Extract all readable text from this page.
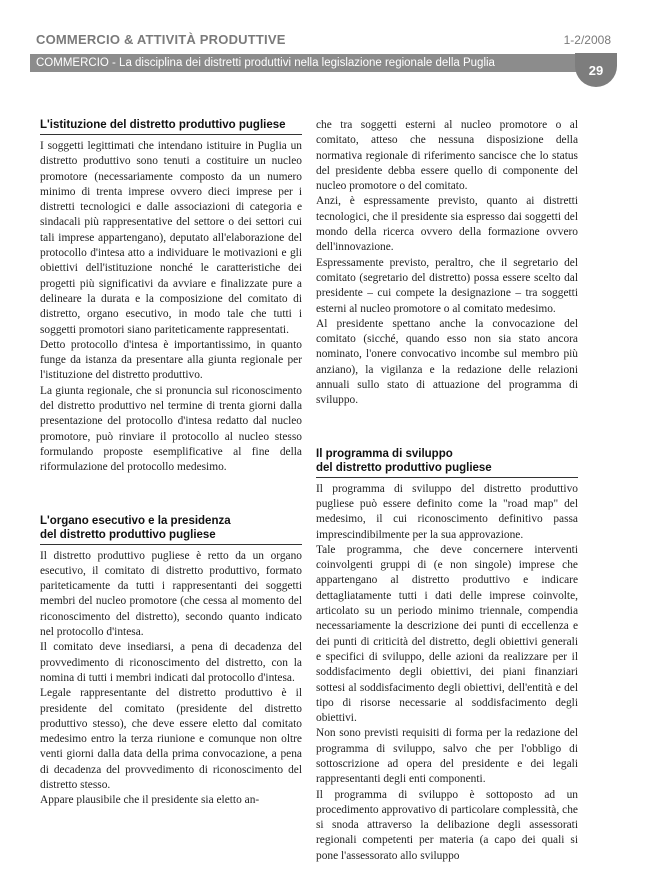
COMMERCIO & ATTIVITÀ PRODUTTIVE	1-2/2008
COMMERCIO - La disciplina dei distretti produttivi nella legislazione regionale della Puglia	29
L'istituzione del distretto produttivo pugliese

I soggetti legittimati che intendano istituire in Puglia un distretto produttivo sono tenuti a costituire un nucleo promotore (necessariamente composto da un numero minimo di trenta imprese ovvero dieci imprese per i distretti tecnologici e dalle associazioni di categoria e sindacali più rappresentative del settore o dei settori cui tali imprese appartengano), deputato all'elaborazione del protocollo d'intesa atto a individuare le motivazioni e gli obiettivi dell'istituzione nonché le caratteristiche dei progetti più significativi da avviare e finalizzate pure a delineare la durata e la composizione del comitato di distretto, organo esecutivo, in modo tale che tutti i soggetti promotori siano pariteticamente rappresentati.

Detto protocollo d'intesa è importantissimo, in quanto funge da istanza da presentare alla giunta regionale per l'istituzione del distretto produttivo.

La giunta regionale, che si pronuncia sul riconoscimento del distretto produttivo nel termine di trenta giorni dalla presentazione del protocollo d'intesa redatto dal nucleo promotore, può rinviare il protocollo al nucleo stesso formulando proposte esemplificative al fine della riformulazione del protocollo medesimo.

L'organo esecutivo e la presidenza
del distretto produttivo pugliese

Il distretto produttivo pugliese è retto da un organo esecutivo, il comitato di distretto produttivo, formato pariteticamente da tutti i rappresentanti dei soggetti membri del nucleo promotore (che cessa al momento del riconoscimento del distretto), secondo quanto indicato nel protocollo d'intesa.

Il comitato deve insediarsi, a pena di decadenza del provvedimento di riconoscimento del distretto, con la nomina di tutti i membri indicati dal protocollo d'intesa.

Legale rappresentante del distretto produttivo è il presidente del comitato (presidente del distretto produttivo stesso), che deve essere eletto dal comitato medesimo entro la terza riunione e comunque non oltre venti giorni dalla data della prima convocazione, a pena di decadenza del provvedimento di riconoscimento del distretto stesso.

Appare plausibile che il presidente sia eletto an-

che tra soggetti esterni al nucleo promotore o al comitato, atteso che nessuna disposizione della normativa regionale di riferimento sancisce che lo status del presidente debba essere quello di componente del nucleo promotore o del comitato.

Anzi, è espressamente previsto, quanto ai distretti tecnologici, che il presidente sia espresso dai soggetti del mondo della ricerca ovvero della formazione ovvero dell'innovazione.

Espressamente previsto, peraltro, che il segretario del comitato (segretario del distretto) possa essere scelto dal presidente – cui compete la designazione – tra soggetti esterni al nucleo promotore o al comitato medesimo.

Al presidente spettano anche la convocazione del comitato (sicché, quando esso non sia stato ancora nominato, l'onere convocativo incombe sul membro più anziano), la vigilanza e la redazione delle relazioni annuali sullo stato di attuazione del programma di sviluppo.

Il programma di sviluppo
del distretto produttivo pugliese

Il programma di sviluppo del distretto produttivo pugliese può essere definito come la "road map" del medesimo, il cui riconoscimento definitivo passa imprescindibilmente per la sua approvazione.

Tale programma, che deve concernere interventi coinvolgenti gruppi di (e non singole) imprese che appartengano al distretto produttivo e indicare dettagliatamente tutti i dati delle imprese coinvolte, articolato su un periodo minimo triennale, compendia necessariamente la descrizione dei punti di eccellenza e dei punti di criticità del distretto, degli obiettivi generali e specifici di sviluppo, delle azioni da realizzare per il soddisfacimento degli obiettivi, dei piani finanziari sottesi al soddisfacimento degli obiettivi, dell'entità e del tipo di risorse necessarie al soddisfacimento degli obiettivi.

Non sono previsti requisiti di forma per la redazione del programma di sviluppo, salvo che per l'obbligo di sottoscrizione ad opera del presidente e dei legali rappresentanti degli enti componenti.

Il programma di sviluppo è sottoposto ad un procedimento approvativo di particolare complessità, che si snoda attraverso la delibazione degli assessorati regionali competenti per materia (a capo dei quali si pone l'assessorato allo sviluppo
